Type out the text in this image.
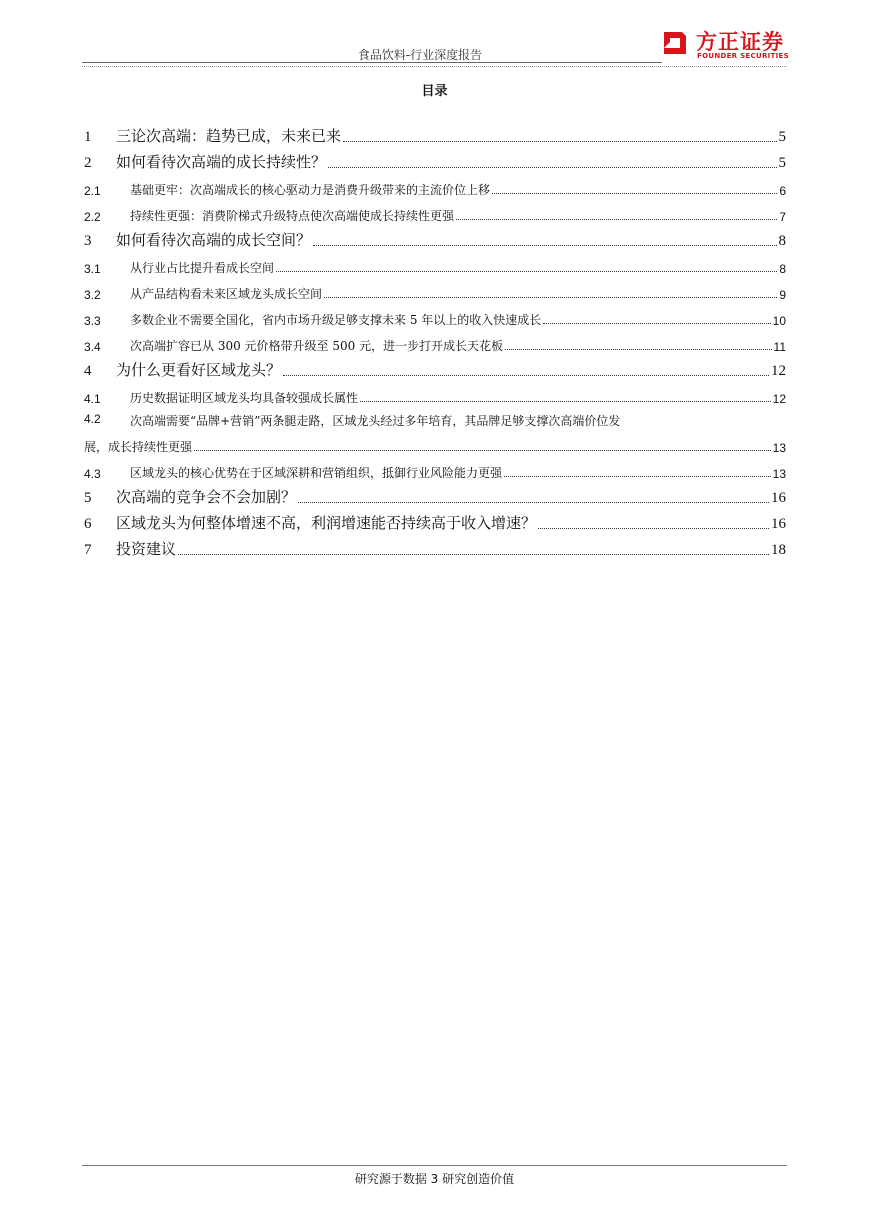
食品饮料-行业深度报告
方正证券
FOUNDER SECURITIES
目录
1	三论次高端：趋势已成，未来已来	5
2	如何看待次高端的成长持续性？	5
2.1	基础更牢：次高端成长的核心驱动力是消费升级带来的主流价位上移	6
2.2	持续性更强：消费阶梯式升级特点使次高端使成长持续性更强	7
3	如何看待次高端的成长空间？	8
3.1	从行业占比提升看成长空间	8
3.2	从产品结构看未来区域龙头成长空间	9
3.3	多数企业不需要全国化，省内市场升级足够支撑未来 5 年以上的收入快速成长	10
3.4	次高端扩容已从 300 元价格带升级至 500 元，进一步打开成长天花板	11
4	为什么更看好区域龙头？	12
4.1	历史数据证明区域龙头均具备较强成长属性	12
4.2	次高端需要“品牌+营销”两条腿走路，区域龙头经过多年培育，其品牌足够支撑次高端价位发
展，成长持续性更强	13
4.3	区域龙头的核心优势在于区域深耕和营销组织，抵御行业风险能力更强	13
5	次高端的竞争会不会加剧？	16
6	区域龙头为何整体增速不高，利润增速能否持续高于收入增速？	16
7	投资建议	18
研究源于数据 3 研究创造价值
